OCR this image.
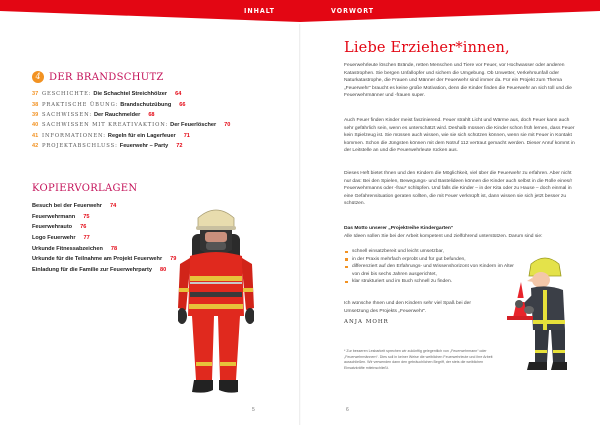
INHALT	VORWORT
4 DER BRANDSCHUTZ
37 GESCHICHTE: Die Schachtel Streichhölzer 64
38 PRAKTISCHE ÜBUNG: Brandschutzübung 66
39 SACHWISSEN: Der Rauchmelder 68
40 SACHWISSEN MIT KREATIVAKTION: Der Feuerlöscher 70
41 INFORMATIONEN: Regeln für ein Lagerfeuer 71
42 PROJEKTABSCHLUSS: Feuerwehr – Party 72
KOPIERVORLAGEN
Besuch bei der Feuerwehr 74
Feuerwehrmann 75
Feuerwehrauto 76
Logo Feuerwehr 77
Urkunde Fitnessabzeichen 78
Urkunde für die Teilnahme am Projekt Feuerwehr 79
Einladung für die Familie zur Feuerwehrparty 80
5
Liebe Erzieher*innen,

Feuerwehrleute löschen Brände, retten Menschen und Tiere vor Feuer, vor Hochwasser oder anderen Katastrophen. Sie bergen Unfallopfer und sichern die Umgebung. Ob Unwetter, Verkehrsunfall oder Naturkatastrophe, die Frauen und Männer der Feuerwehr sind immer da. Für ein Projekt zum Thema „Feuerwehr“ braucht es keine große Motivation, denn die Kinder finden die Feuerwehr an sich toll und die Feuerwehrmänner und -frauen super.

Auch Feuer finden Kinder meist faszinierend. Feuer strahlt Licht und Wärme aus, doch Feuer kann auch sehr gefährlich sein, wenn es unterschätzt wird. Deshalb müssen die Kinder schon früh lernen, dass Feuer kein Spielzeug ist. Sie müssen auch wissen, wie sie sich schützen können, wenn sie mit Feuer in Kontakt kommen. Schon die Jüngsten können mit dem Notruf 112 vertraut gemacht werden. Dieser Anruf kommt in der Leitstelle an und die Feuerwehrleute rücken aus.

Dieses Heft bietet Ihnen und den Kindern die Möglichkeit, viel über die Feuerwehr zu erfahren. Aber nicht nur das: Bei den Spielen, Bewegungs- und Bastelideen können die Kinder auch selbst in die Rolle eines/r Feuerwehrmanns oder -frau* schlüpfen. Und falls die Kinder – in der Kita oder zu Hause – doch einmal in eine Gefahrensituation geraten sollten, die mit Feuer verknüpft ist, dann wissen sie sich jetzt besser zu schützen.

Das Motto unserer „Projektreihe Kindergarten“

Alle Ideen sollen Sie bei der Arbeit kompetent und zielführend unterstützen. Darum sind sie:

schnell einsatzbereit und leicht umsetzbar,
in der Praxis mehrfach erprobt und für gut befunden,
differenziert auf den Erfahrungs- und Wissenshorizont von Kindern im Alter von drei bis sechs Jahren ausgerichtet,
klar strukturiert und im Buch schnell zu finden.

Ich wünsche Ihnen und den Kindern sehr viel Spaß bei der Umsetzung des Projekts „Feuerwehr“.

ANJA MOHR

* Zur besseren Lesbarkeit sprechen wir zukünftig gelegentlich von „Feuerwehrmann“ oder „Feuerwehrmännern“. Dies soll in keiner Weise die weiblichen Feuerwehrleute und ihre Arbeit ausschließen. Wir verwenden dann den gebräuchlichen Begriff, der stets die weiblichen Einsatzkräfte miteinschließt.

6
